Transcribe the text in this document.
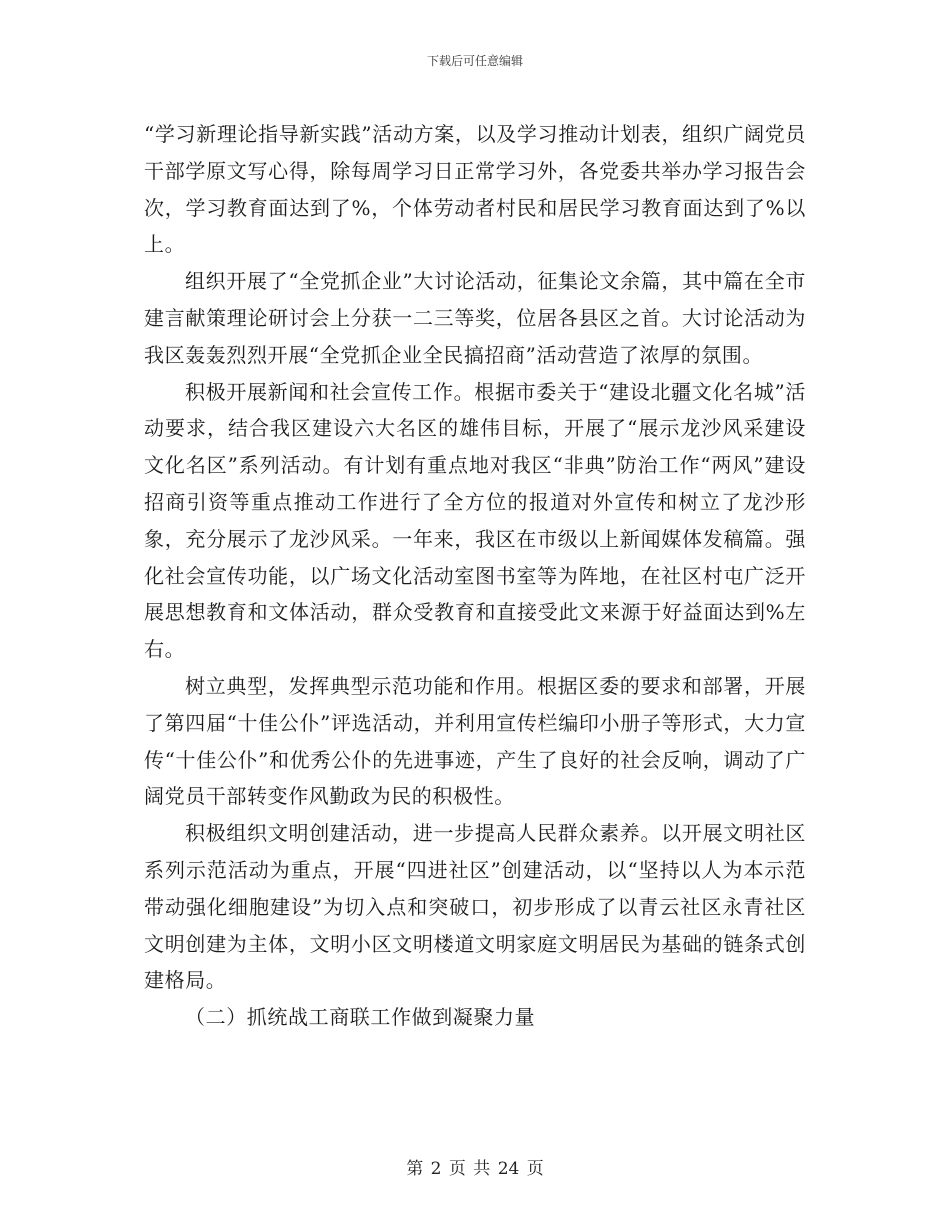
下载后可任意编辑

“学习新理论指导新实践”活动方案，以及学习推动计划表，组织广阔党员干部学原文写心得，除每周学习日正常学习外，各党委共举办学习报告会次，学习教育面达到了%，个体劳动者村民和居民学习教育面达到了%以上。

组织开展了“全党抓企业”大讨论活动，征集论文余篇，其中篇在全市建言献策理论研讨会上分获一二三等奖，位居各县区之首。大讨论活动为我区轰轰烈烈开展“全党抓企业全民搞招商”活动营造了浓厚的氛围。

积极开展新闻和社会宣传工作。根据市委关于“建设北疆文化名城”活动要求，结合我区建设六大名区的雄伟目标，开展了“展示龙沙风采建设文化名区”系列活动。有计划有重点地对我区“非典”防治工作“两风”建设招商引资等重点推动工作进行了全方位的报道对外宣传和树立了龙沙形象，充分展示了龙沙风采。一年来，我区在市级以上新闻媒体发稿篇。强化社会宣传功能，以广场文化活动室图书室等为阵地，在社区村屯广泛开展思想教育和文体活动，群众受教育和直接受此文来源于好益面达到%左右。

树立典型，发挥典型示范功能和作用。根据区委的要求和部署，开展了第四届“十佳公仆”评选活动，并利用宣传栏编印小册子等形式，大力宣传“十佳公仆”和优秀公仆的先进事迹，产生了良好的社会反响，调动了广阔党员干部转变作风勤政为民的积极性。

积极组织文明创建活动，进一步提高人民群众素养。以开展文明社区系列示范活动为重点，开展“四进社区”创建活动，以“坚持以人为本示范带动强化细胞建设”为切入点和突破口，初步形成了以青云社区永青社区文明创建为主体，文明小区文明楼道文明家庭文明居民为基础的链条式创建格局。

（二）抓统战工商联工作做到凝聚力量

第 2 页 共 24 页
